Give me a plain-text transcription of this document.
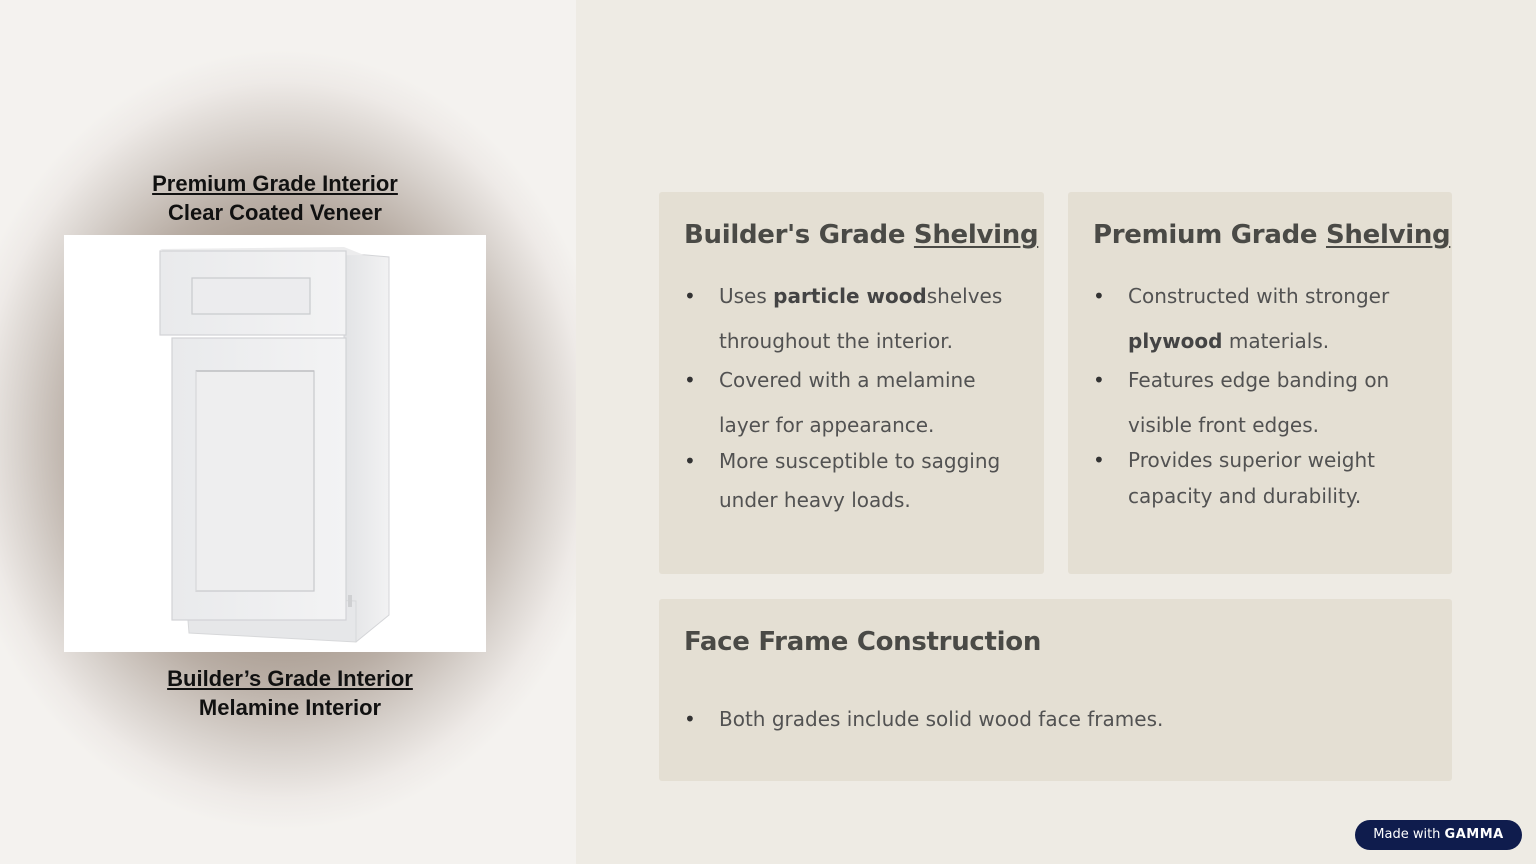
Premium Grade Interior
Clear Coated Veneer
Builder’s Grade Interior
Melamine Interior
Builder's Grade Shelving
• Uses particle woodshelves throughout the interior.
• Covered with a melamine layer for appearance.
• More susceptible to sagging under heavy loads.
Premium Grade Shelving
• Constructed with stronger plywood materials.
• Features edge banding on visible front edges.
• Provides superior weight capacity and durability.
Face Frame Construction
• Both grades include solid wood face frames.
Made with GAMMA
